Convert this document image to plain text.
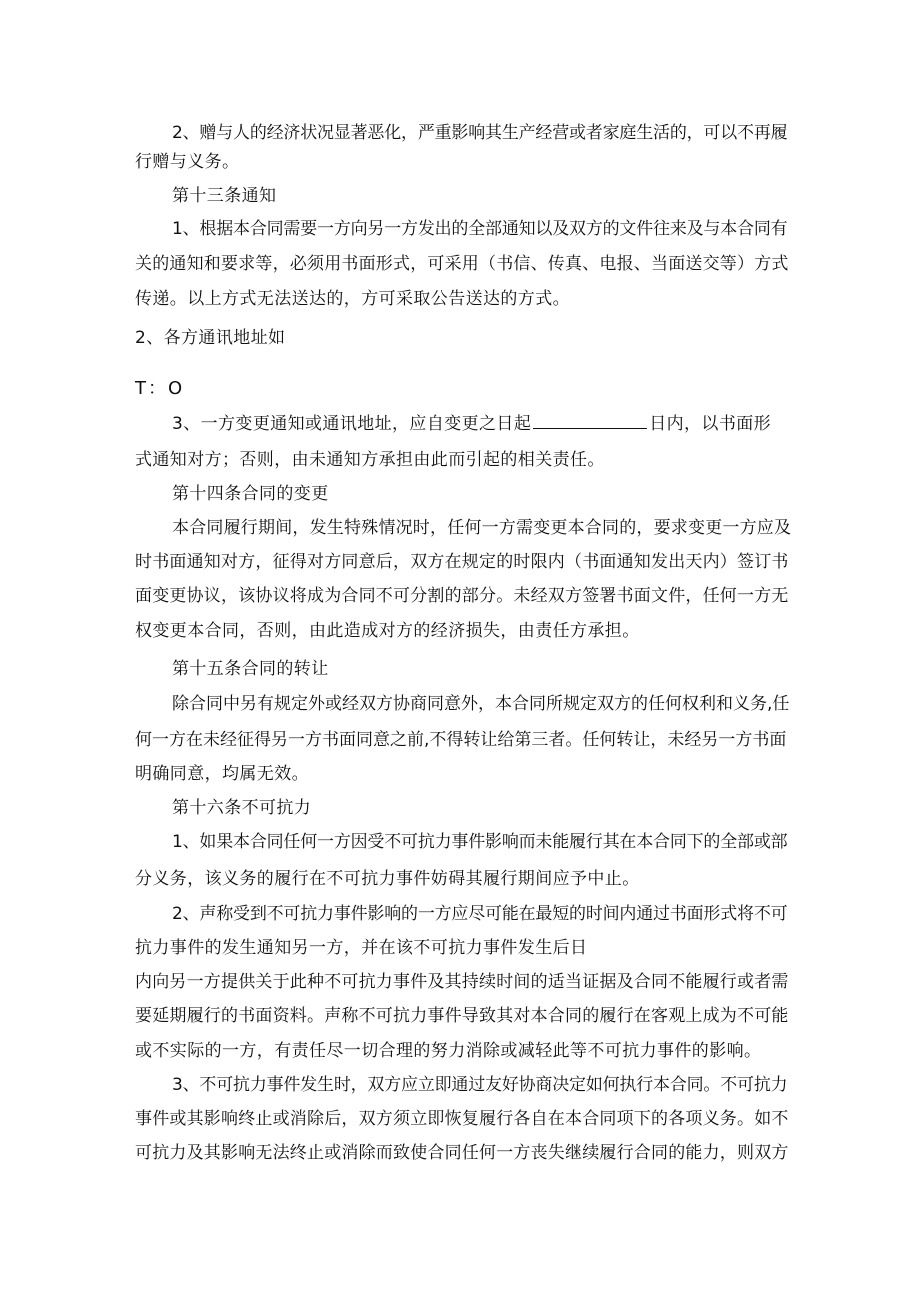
2、赠与人的经济状况显著恶化，严重影响其生产经营或者家庭生活的，可以不再履
行赠与义务。
第十三条通知
1、根据本合同需要一方向另一方发出的全部通知以及双方的文件往来及与本合同有
关的通知和要求等，必须用书面形式，可采用（书信、传真、电报、当面送交等）方式
传递。以上方式无法送达的，方可采取公告送达的方式。
2、各方通讯地址如
T：O
3、一方变更通知或通讯地址，应自变更之日起	日内，以书面形
式通知对方；否则，由未通知方承担由此而引起的相关责任。
第十四条合同的变更
本合同履行期间，发生特殊情况时，任何一方需变更本合同的，要求变更一方应及
时书面通知对方，征得对方同意后，双方在规定的时限内（书面通知发出天内）签订书
面变更协议，该协议将成为合同不可分割的部分。未经双方签署书面文件，任何一方无
权变更本合同，否则，由此造成对方的经济损失，由责任方承担。
第十五条合同的转让
除合同中另有规定外或经双方协商同意外，本合同所规定双方的任何权利和义务,任
何一方在未经征得另一方书面同意之前,不得转让给第三者。任何转让，未经另一方书面
明确同意，均属无效。
第十六条不可抗力
1、如果本合同任何一方因受不可抗力事件影响而未能履行其在本合同下的全部或部
分义务，该义务的履行在不可抗力事件妨碍其履行期间应予中止。
2、声称受到不可抗力事件影响的一方应尽可能在最短的时间内通过书面形式将不可
抗力事件的发生通知另一方，并在该不可抗力事件发生后日
内向另一方提供关于此种不可抗力事件及其持续时间的适当证据及合同不能履行或者需
要延期履行的书面资料。声称不可抗力事件导致其对本合同的履行在客观上成为不可能
或不实际的一方，有责任尽一切合理的努力消除或减轻此等不可抗力事件的影响。
3、不可抗力事件发生时，双方应立即通过友好协商决定如何执行本合同。不可抗力
事件或其影响终止或消除后，双方须立即恢复履行各自在本合同项下的各项义务。如不
可抗力及其影响无法终止或消除而致使合同任何一方丧失继续履行合同的能力，则双方
